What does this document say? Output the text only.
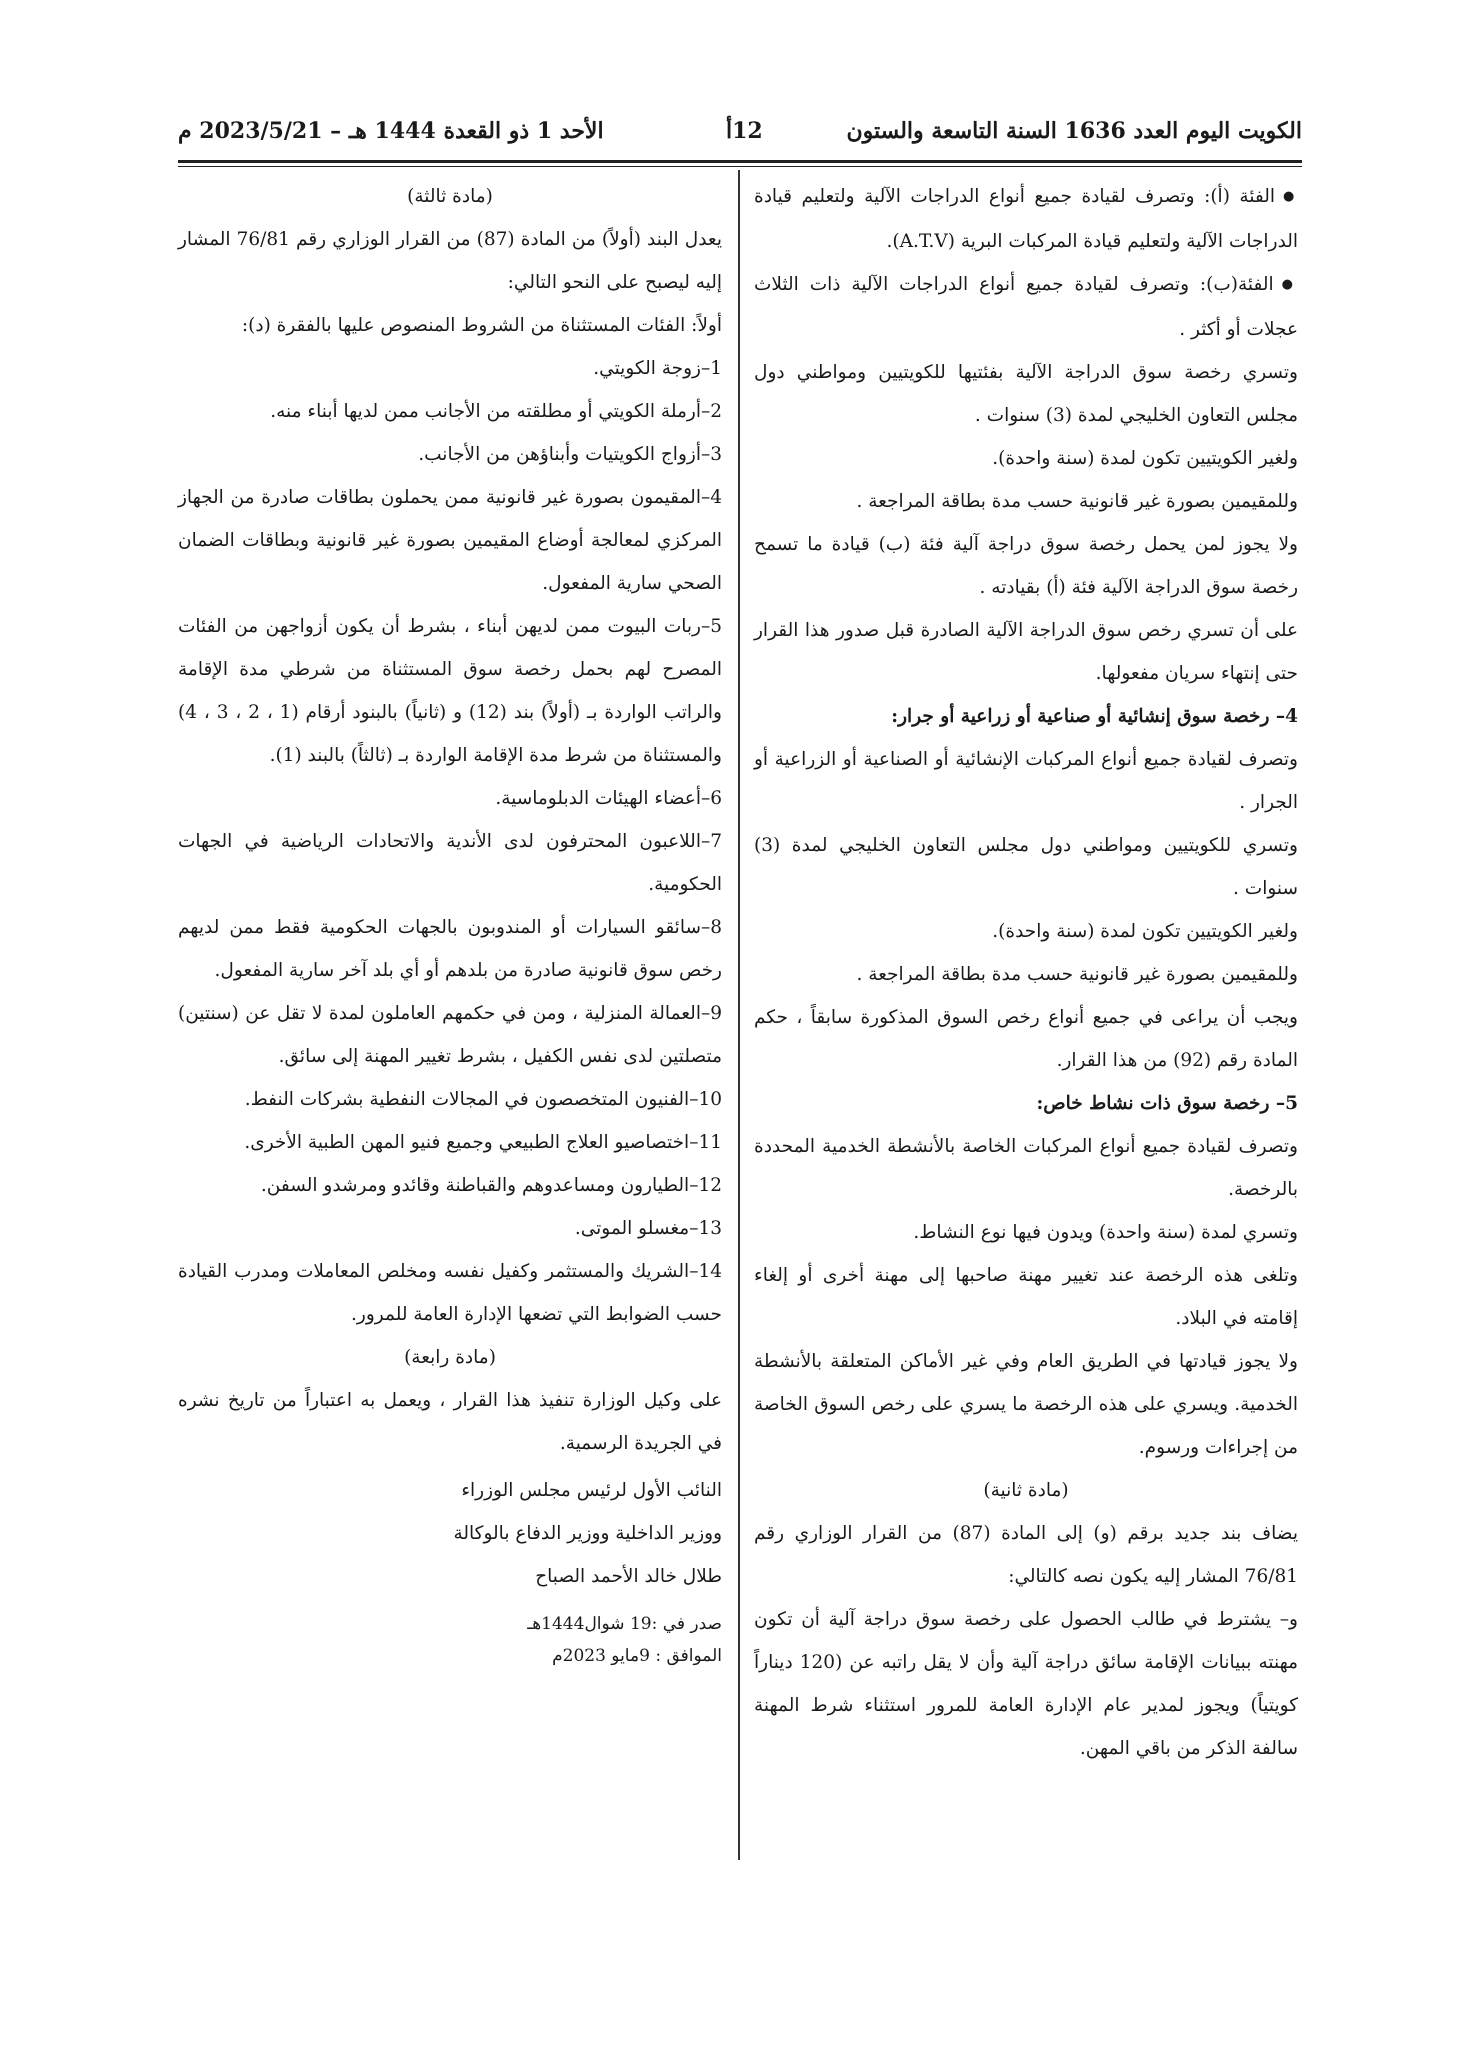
الكويت اليوم العدد 1636 السنة التاسعة والستون
12أ
الأحد 1 ذو القعدة 1444 هـ – 2023/5/21 م

● الفئة (أ): وتصرف لقيادة جميع أنواع الدراجات الآلية ولتعليم قيادة الدراجات الآلية ولتعليم قيادة المركبات البرية (A.T.V).

● الفئة(ب): وتصرف لقيادة جميع أنواع الدراجات الآلية ذات الثلاث عجلات أو أكثر .

وتسري رخصة سوق الدراجة الآلية بفئتيها للكويتيين ومواطني دول مجلس التعاون الخليجي لمدة (3) سنوات .

ولغير الكويتيين تكون لمدة (سنة واحدة).

وللمقيمين بصورة غير قانونية حسب مدة بطاقة المراجعة .

ولا يجوز لمن يحمل رخصة سوق دراجة آلية فئة (ب) قيادة ما تسمح رخصة سوق الدراجة الآلية فئة (أ) بقيادته .

على أن تسري رخص سوق الدراجة الآلية الصادرة قبل صدور هذا القرار حتى إنتهاء سريان مفعولها.

4– رخصة سوق إنشائية أو صناعية أو زراعية أو جرار:

وتصرف لقيادة جميع أنواع المركبات الإنشائية أو الصناعية أو الزراعية أو الجرار .

وتسري للكويتيين ومواطني دول مجلس التعاون الخليجي لمدة (3) سنوات .

ولغير الكويتيين تكون لمدة (سنة واحدة).

وللمقيمين بصورة غير قانونية حسب مدة بطاقة المراجعة .

ويجب أن يراعى في جميع أنواع رخص السوق المذكورة سابقاً ، حكم المادة رقم (92) من هذا القرار.

5– رخصة سوق ذات نشاط خاص:

وتصرف لقيادة جميع أنواع المركبات الخاصة بالأنشطة الخدمية المحددة بالرخصة.

وتسري لمدة (سنة واحدة) ويدون فيها نوع النشاط.

وتلغى هذه الرخصة عند تغيير مهنة صاحبها إلى مهنة أخرى أو إلغاء إقامته في البلاد.

ولا يجوز قيادتها في الطريق العام وفي غير الأماكن المتعلقة بالأنشطة الخدمية. ويسري على هذه الرخصة ما يسري على رخص السوق الخاصة من إجراءات ورسوم.

(مادة ثانية)

يضاف بند جديد برقم (و) إلى المادة (87) من القرار الوزاري رقم 76/81 المشار إليه يكون نصه كالتالي:

و– يشترط في طالب الحصول على رخصة سوق دراجة آلية أن تكون مهنته ببيانات الإقامة سائق دراجة آلية وأن لا يقل راتبه عن (120 ديناراً كويتياً) ويجوز لمدير عام الإدارة العامة للمرور استثناء شرط المهنة سالفة الذكر من باقي المهن.

(مادة ثالثة)

يعدل البند (أولاً) من المادة (87) من القرار الوزاري رقم 76/81 المشار إليه ليصبح على النحو التالي:

أولاً: الفئات المستثناة من الشروط المنصوص عليها بالفقرة (د):

1–زوجة الكويتي.

2–أرملة الكويتي أو مطلقته من الأجانب ممن لديها أبناء منه.

3–أزواج الكويتيات وأبناؤهن من الأجانب.

4–المقيمون بصورة غير قانونية ممن يحملون بطاقات صادرة من الجهاز المركزي لمعالجة أوضاع المقيمين بصورة غير قانونية وبطاقات الضمان الصحي سارية المفعول.

5–ربات البيوت ممن لديهن أبناء ، بشرط أن يكون أزواجهن من الفئات المصرح لهم بحمل رخصة سوق المستثناة من شرطي مدة الإقامة والراتب الواردة بـ (أولاً) بند (12) و (ثانياً) بالبنود أرقام (1 ، 2 ، 3 ، 4) والمستثناة من شرط مدة الإقامة الواردة بـ (ثالثاً) بالبند (1).

6–أعضاء الهيئات الدبلوماسية.

7–اللاعبون المحترفون لدى الأندية والاتحادات الرياضية في الجهات الحكومية.

8–سائقو السيارات أو المندوبون بالجهات الحكومية فقط ممن لديهم رخص سوق قانونية صادرة من بلدهم أو أي بلد آخر سارية المفعول.

9–العمالة المنزلية ، ومن في حكمهم العاملون لمدة لا تقل عن (سنتين) متصلتين لدى نفس الكفيل ، بشرط تغيير المهنة إلى سائق.

10–الفنيون المتخصصون في المجالات النفطية بشركات النفط.

11–اختصاصيو العلاج الطبيعي وجميع فنيو المهن الطبية الأخرى.

12–الطيارون ومساعدوهم والقباطنة وقائدو ومرشدو السفن.

13–مغسلو الموتى.

14–الشريك والمستثمر وكفيل نفسه ومخلص المعاملات ومدرب القيادة حسب الضوابط التي تضعها الإدارة العامة للمرور.

(مادة رابعة)

على وكيل الوزارة تنفيذ هذا القرار ، ويعمل به اعتباراً من تاريخ نشره في الجريدة الرسمية.

النائب الأول لرئيس مجلس الوزراء

ووزير الداخلية ووزير الدفاع بالوكالة

طلال خالد الأحمد الصباح

صدر في :19 شوال1444هـ

الموافق : 9مايو 2023م
